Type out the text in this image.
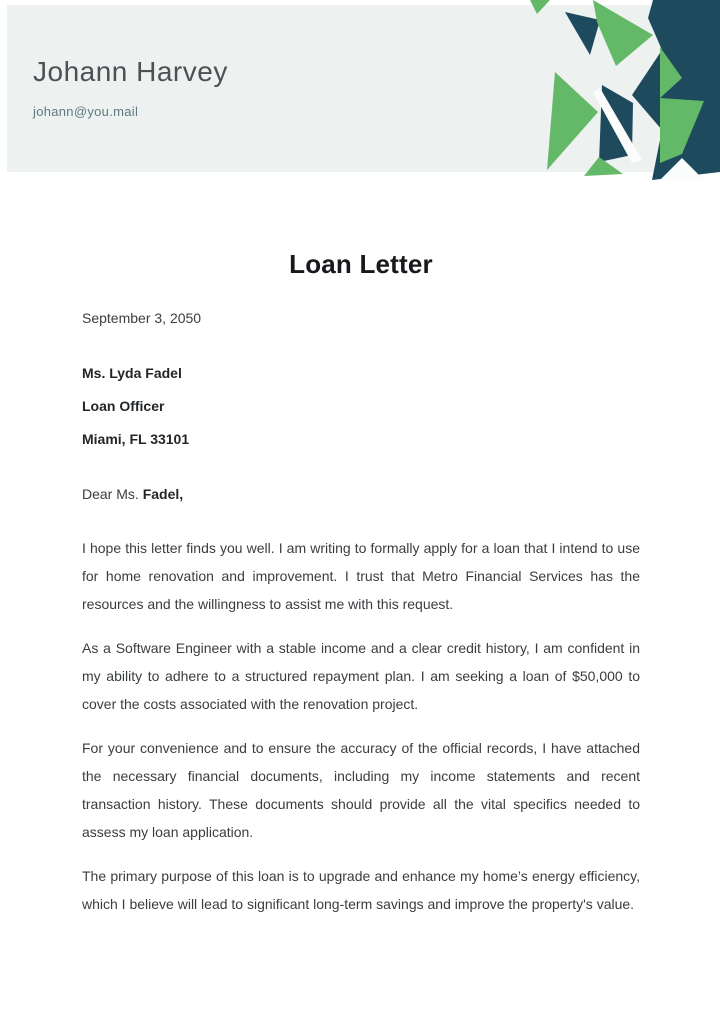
Johann Harvey
johann@you.mail
Loan Letter

September 3, 2050

Ms. Lyda Fadel

Loan Officer

Miami, FL 33101

Dear Ms. Fadel,

I hope this letter finds you well. I am writing to formally apply for a loan that I intend to use for home renovation and improvement. I trust that Metro Financial Services has the resources and the willingness to assist me with this request.

As a Software Engineer with a stable income and a clear credit history, I am confident in my ability to adhere to a structured repayment plan. I am seeking a loan of $50,000 to cover the costs associated with the renovation project.

For your convenience and to ensure the accuracy of the official records, I have attached the necessary financial documents, including my income statements and recent transaction history. These documents should provide all the vital specifics needed to assess my loan application.

The primary purpose of this loan is to upgrade and enhance my home’s energy efficiency, which I believe will lead to significant long-term savings and improve the property's value.
